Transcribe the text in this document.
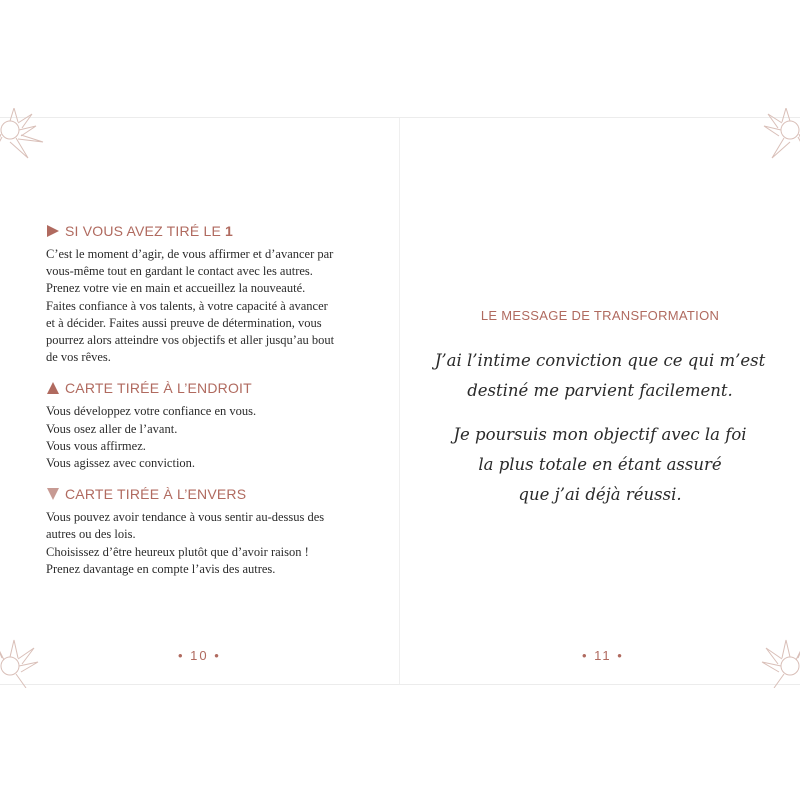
SI VOUS AVEZ TIRÉ LE 1

C’est le moment d’agir, de vous affirmer et d’avancer par
vous-même tout en gardant le contact avec les autres.
Prenez votre vie en main et accueillez la nouveauté.
Faites confiance à vos talents, à votre capacité à avancer
et à décider. Faites aussi preuve de détermination, vous
pourrez alors atteindre vos objectifs et aller jusqu’au bout
de vos rêves.

CARTE TIRÉE À L’ENDROIT

Vous développez votre confiance en vous.
Vous osez aller de l’avant.
Vous vous affirmez.
Vous agissez avec conviction.

CARTE TIRÉE À L’ENVERS

Vous pouvez avoir tendance à vous sentir au-dessus des
autres ou des lois.
Choisissez d’être heureux plutôt que d’avoir raison !
Prenez davantage en compte l’avis des autres.

• 10 •
LE MESSAGE DE TRANSFORMATION
J’ai l’intime conviction que ce qui m’est
destiné me parvient facilement.
Je poursuis mon objectif avec la foi
la plus totale en étant assuré
que j’ai déjà réussi.
• 11 •
